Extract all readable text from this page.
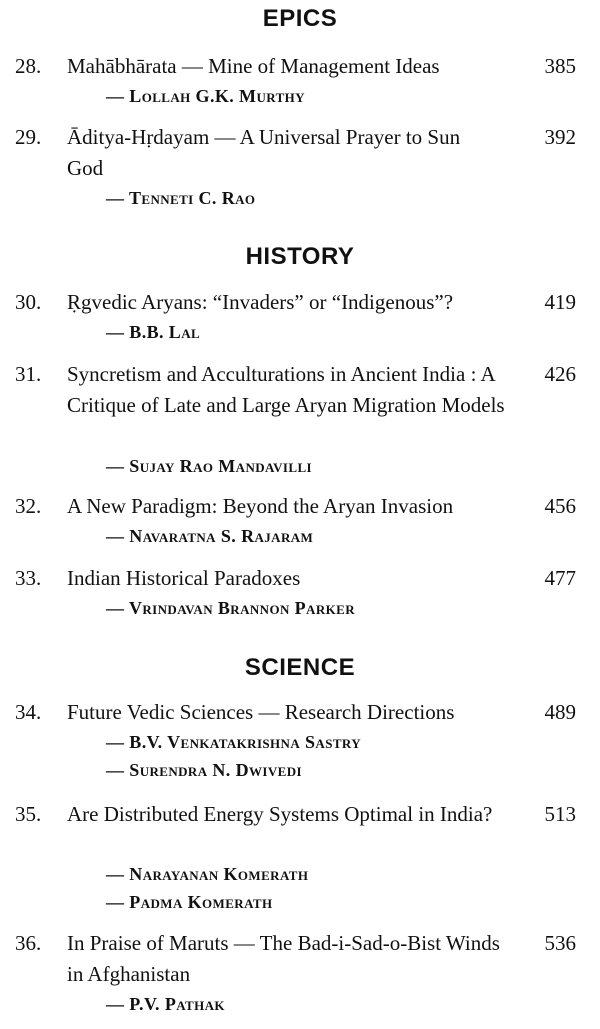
EPICS
28. Mahābhārata — Mine of Management Ideas	385
— Lollah G.K. Murthy
29. Āditya-Hṛdayam — A Universal Prayer to Sun God
392
— Tenneti C. Rao
HISTORY
30. Ṛgvedic Aryans: “Invaders” or “Indigenous”?	419
— B.B. Lal
31. Syncretism and Acculturations in Ancient India : A Critique of Late and Large Aryan Migration Models
426
— Sujay Rao Mandavilli
32. A New Paradigm: Beyond the Aryan Invasion	456
— Navaratna S. Rajaram
33. Indian Historical Paradoxes	477
— Vrindavan Brannon Parker
SCIENCE
34. Future Vedic Sciences — Research Directions	489
— B.V. Venkatakrishna Sastry
— Surendra N. Dwivedi
35. Are Distributed Energy Systems Optimal in India? 513
— Narayanan Komerath
— Padma Komerath
36. In Praise of Maruts — The Bad-i-Sad-o-Bist Winds in Afghanistan
536
— P.V. Pathak
